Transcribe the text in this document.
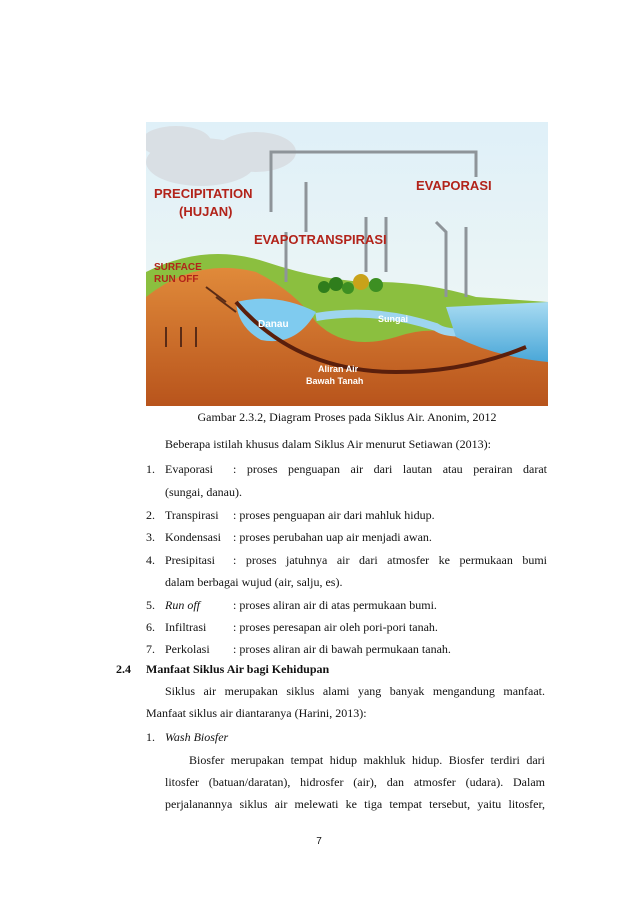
PRECIPITATION
(HUJAN)
EVAPORASI
EVAPOTRANSPIRASI
SURFACE
RUN OFF
Danau	Sungai
Aliran Air
Bawah Tanah
Gambar 2.3.2, Diagram Proses pada Siklus Air. Anonim, 2012
Beberapa istilah khusus dalam Siklus Air menurut Setiawan (2013):
1. Evaporasi : proses penguapan air dari lautan atau perairan darat
(sungai, danau).
2. Transpirasi : proses penguapan air dari mahluk hidup.
3. Kondensasi : proses perubahan uap air menjadi awan.
4. Presipitasi : proses jatuhnya air dari atmosfer ke permukaan bumi
dalam berbagai wujud (air, salju, es).
5. Run off	: proses aliran air di atas permukaan bumi.
6. Infiltrasi : proses peresapan air oleh pori-pori tanah.
7. Perkolasi : proses aliran air di bawah permukaan tanah.
2.4 Manfaat Siklus Air bagi Kehidupan
Siklus air merupakan siklus alami yang banyak mengandung manfaat.
Manfaat siklus air diantaranya (Harini, 2013):
1. Wash Biosfer
Biosfer merupakan tempat hidup makhluk hidup. Biosfer terdiri dari
litosfer (batuan/daratan), hidrosfer (air), dan atmosfer (udara). Dalam
perjalanannya siklus air melewati ke tiga tempat tersebut, yaitu litosfer,
7
